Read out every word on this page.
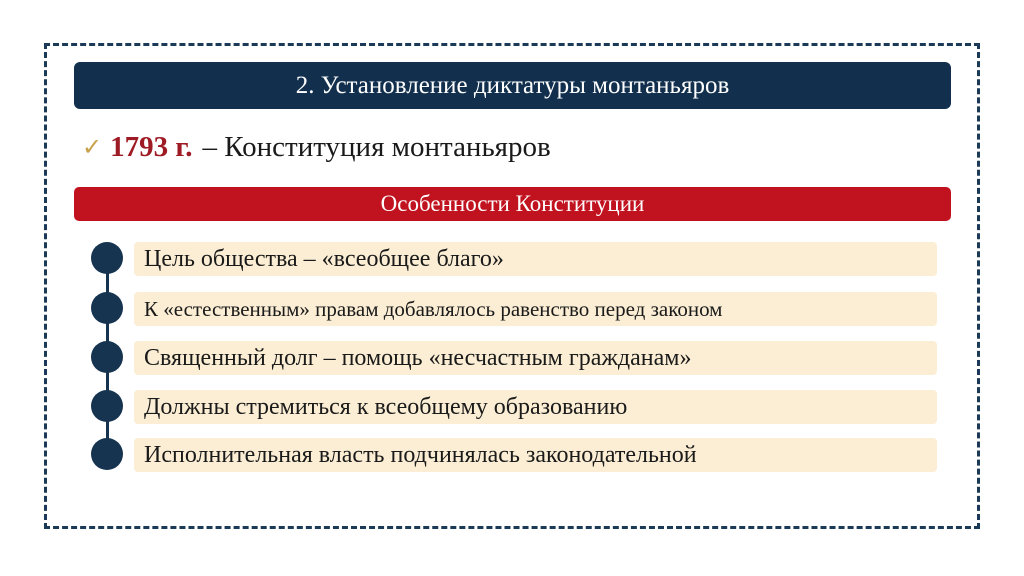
2. Установление диктатуры монтаньяров
✓ 1793 г. – Конституция монтаньяров
Особенности Конституции
Цель общества – «всеобщее благо»
К «естественным» правам добавлялось равенство перед законом
Священный долг – помощь «несчастным гражданам»
Должны стремиться к всеобщему образованию
Исполнительная власть подчинялась законодательной
